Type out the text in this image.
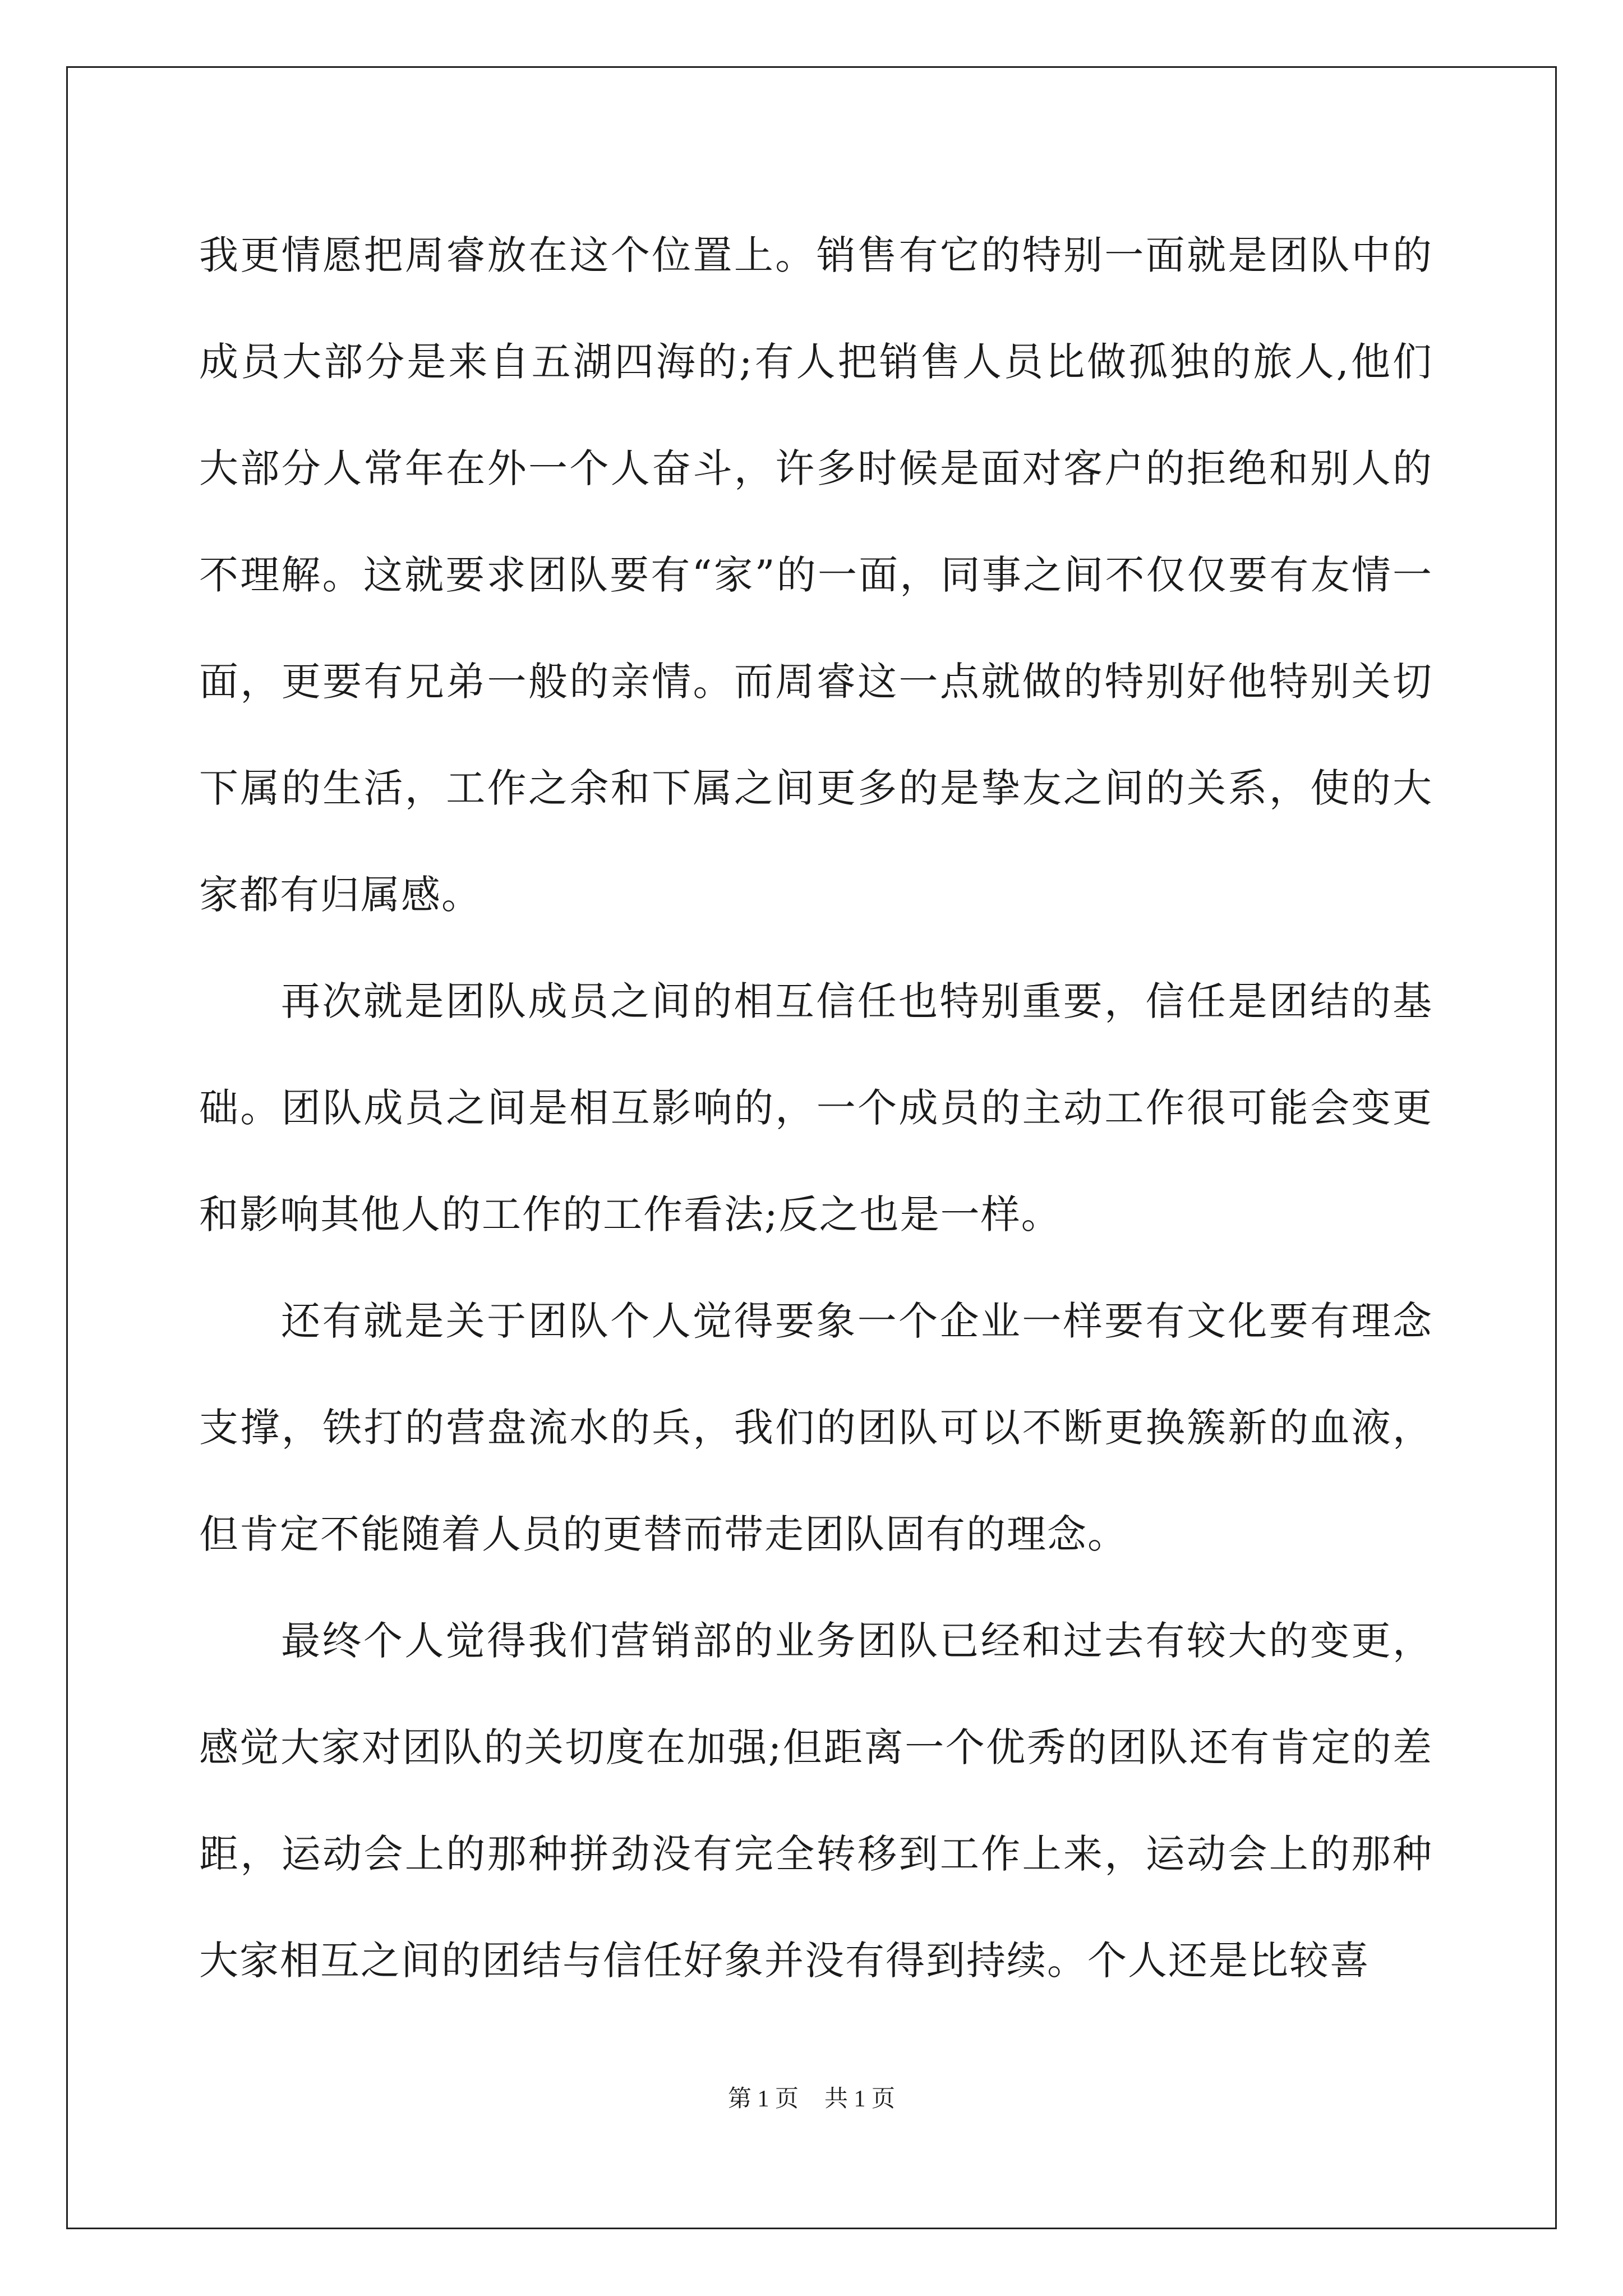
我更情愿把周睿放在这个位置上。销售有它的特别一面就是团队中的成员大部分是来自五湖四海的;有人把销售人员比做孤独的旅人,他们大部分人常年在外一个人奋斗，许多时候是面对客户的拒绝和别人的不理解。这就要求团队要有“家”的一面，同事之间不仅仅要有友情一面，更要有兄弟一般的亲情。而周睿这一点就做的特别好他特别关切下属的生活，工作之余和下属之间更多的是挚友之间的关系，使的大家都有归属感。

再次就是团队成员之间的相互信任也特别重要，信任是团结的基础。团队成员之间是相互影响的，一个成员的主动工作很可能会变更和影响其他人的工作的工作看法;反之也是一样。

还有就是关于团队个人觉得要象一个企业一样要有文化要有理念支撑，铁打的营盘流水的兵，我们的团队可以不断更换簇新的血液，但肯定不能随着人员的更替而带走团队固有的理念。

最终个人觉得我们营销部的业务团队已经和过去有较大的变更，感觉大家对团队的关切度在加强;但距离一个优秀的团队还有肯定的差距，运动会上的那种拼劲没有完全转移到工作上来，运动会上的那种大家相互之间的团结与信任好象并没有得到持续。个人还是比较喜

第 1 页 共 1 页
